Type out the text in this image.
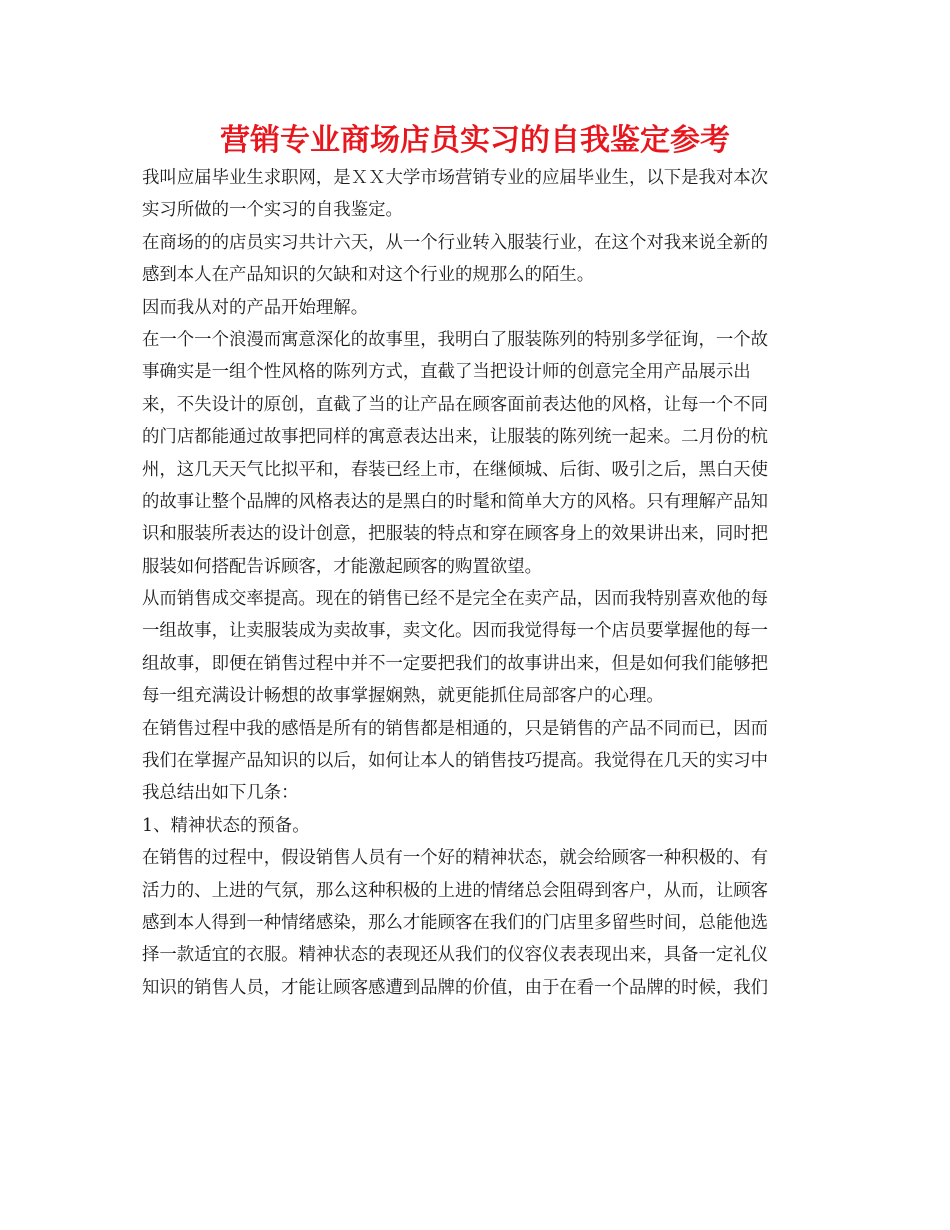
营销专业商场店员实习的自我鉴定参考
我叫应届毕业生求职网，是ＸＸ大学市场营销专业的应届毕业生，以下是我对本次
实习所做的一个实习的自我鉴定。
在商场的的店员实习共计六天，从一个行业转入服装行业，在这个对我来说全新的
感到本人在产品知识的欠缺和对这个行业的规那么的陌生。
因而我从对的产品开始理解。
在一个一个浪漫而寓意深化的故事里，我明白了服装陈列的特别多学征询，一个故
事确实是一组个性风格的陈列方式，直截了当把设计师的创意完全用产品展示出
来，不失设计的原创，直截了当的让产品在顾客面前表达他的风格，让每一个不同
的门店都能通过故事把同样的寓意表达出来，让服装的陈列统一起来。二月份的杭
州，这几天天气比拟平和，春装已经上市，在继倾城、后街、吸引之后，黑白天使
的故事让整个品牌的风格表达的是黑白的时髦和简单大方的风格。只有理解产品知
识和服装所表达的设计创意，把服装的特点和穿在顾客身上的效果讲出来，同时把
服装如何搭配告诉顾客，才能激起顾客的购置欲望。
从而销售成交率提高。现在的销售已经不是完全在卖产品，因而我特别喜欢他的每
一组故事，让卖服装成为卖故事，卖文化。因而我觉得每一个店员要掌握他的每一
组故事，即便在销售过程中并不一定要把我们的故事讲出来，但是如何我们能够把
每一组充满设计畅想的故事掌握娴熟，就更能抓住局部客户的心理。
在销售过程中我的感悟是所有的销售都是相通的，只是销售的产品不同而已，因而
我们在掌握产品知识的以后，如何让本人的销售技巧提高。我觉得在几天的实习中
我总结出如下几条：
1、精神状态的预备。
在销售的过程中，假设销售人员有一个好的精神状态，就会给顾客一种积极的、有
活力的、上进的气氛，那么这种积极的上进的情绪总会阻碍到客户，从而，让顾客
感到本人得到一种情绪感染，那么才能顾客在我们的门店里多留些时间，总能他选
择一款适宜的衣服。精神状态的表现还从我们的仪容仪表表现出来，具备一定礼仪
知识的销售人员，才能让顾客感遭到品牌的价值，由于在看一个品牌的时候，我们
